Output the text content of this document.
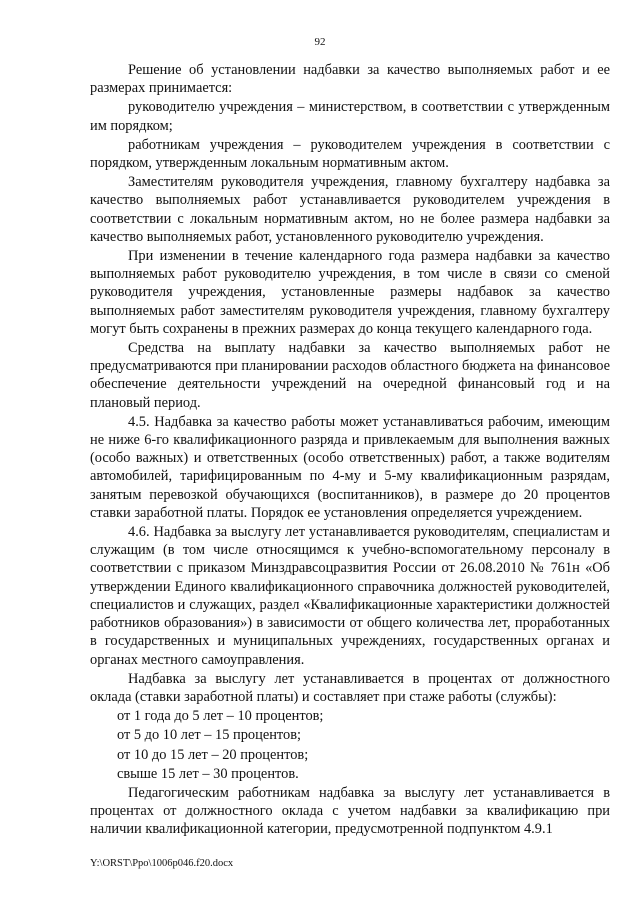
92

Решение об установлении надбавки за качество выполняемых работ и ее размерах принимается:

руководителю учреждения – министерством, в соответствии с утвержденным им порядком;

работникам учреждения – руководителем учреждения в соответствии с порядком, утвержденным локальным нормативным актом.

Заместителям руководителя учреждения, главному бухгалтеру надбавка за качество выполняемых работ устанавливается руководителем учреждения в соответствии с локальным нормативным актом, но не более размера надбавки за качество выполняемых работ, установленного руководителю учреждения.

При изменении в течение календарного года размера надбавки за качество выполняемых работ руководителю учреждения, в том числе в связи со сменой руководителя учреждения, установленные размеры надбавок за качество выполняемых работ заместителям руководителя учреждения, главному бухгалтеру могут быть сохранены в прежних размерах до конца текущего календарного года.

Средства на выплату надбавки за качество выполняемых работ не предусматриваются при планировании расходов областного бюджета на финансовое обеспечение деятельности учреждений на очередной финансовый год и на плановый период.

4.5. Надбавка за качество работы может устанавливаться рабочим, имеющим не ниже 6-го квалификационного разряда и привлекаемым для выполнения важных (особо важных) и ответственных (особо ответственных) работ, а также водителям автомобилей, тарифицированным по 4-му и 5-му квалификационным разрядам, занятым перевозкой обучающихся (воспитанников), в размере до 20 процентов ставки заработной платы. Порядок ее установления определяется учреждением.

4.6. Надбавка за выслугу лет устанавливается руководителям, специалистам и служащим (в том числе относящимся к учебно-вспомогательному персоналу в соответствии с приказом Минздравсоцразвития России от 26.08.2010 № 761н «Об утверждении Единого квалификационного справочника должностей руководителей, специалистов и служащих, раздел «Квалификационные характеристики должностей работников образования») в зависимости от общего количества лет, проработанных в государственных и муниципальных учреждениях, государственных органах и органах местного самоуправления.

Надбавка за выслугу лет устанавливается в процентах от должностного оклада (ставки заработной платы) и составляет при стаже работы (службы):

от 1 года до 5 лет – 10 процентов;

от 5 до 10 лет – 15 процентов;

от 10 до 15 лет – 20 процентов;

свыше 15 лет – 30 процентов.

Педагогическим работникам надбавка за выслугу лет устанавливается в процентах от должностного оклада с учетом надбавки за квалификацию при наличии квалификационной категории, предусмотренной подпунктом 4.9.1

Y:\ORST\Ppo\1006p046.f20.docx
